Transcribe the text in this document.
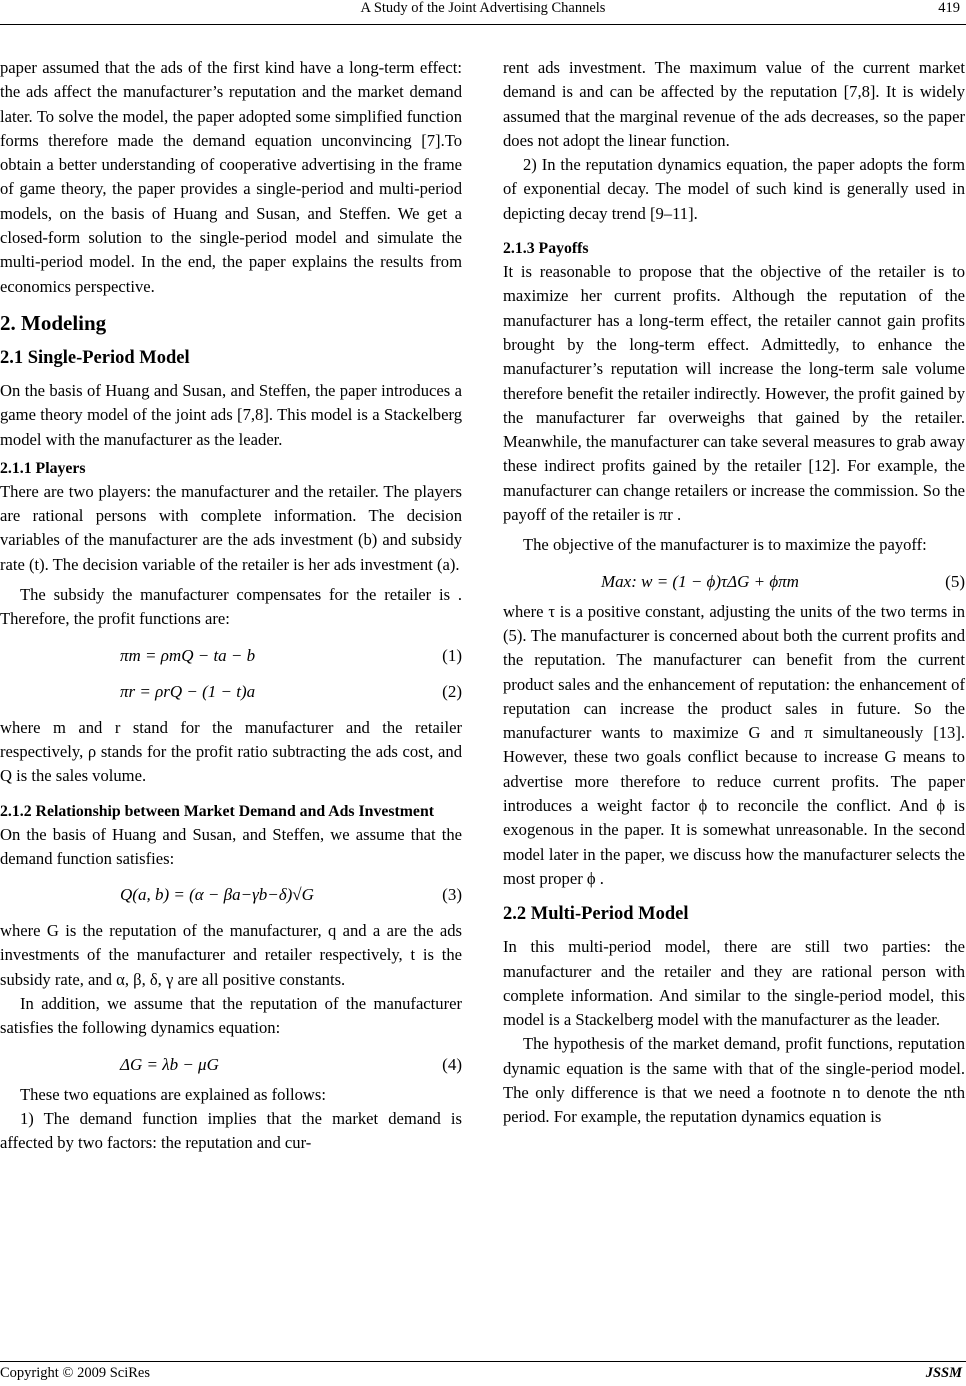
A Study of the Joint Advertising Channels	419

paper assumed that the ads of the first kind have a long-term effect: the ads affect the manufacturer’s reputation and the market demand later. To solve the model, the paper adopted some simplified function forms therefore made the demand equation unconvincing [7].To obtain a better understanding of cooperative advertising in the frame of game theory, the paper provides a single-period and multi-period models, on the basis of Huang and Susan, and Steffen. We get a closed-form solution to the single-period model and simulate the multi-period model. In the end, the paper explains the results from economics perspective.

2. Modeling
2.1 Single-Period Model

On the basis of Huang and Susan, and Steffen, the paper introduces a game theory model of the joint ads [7,8]. This model is a Stackelberg model with the manufacturer as the leader.

2.1.1 Players

There are two players: the manufacturer and the retailer. The players are rational persons with complete information. The decision variables of the manufacturer are the ads investment (b) and subsidy rate (t). The decision variable of the retailer is her ads investment (a).

The subsidy the manufacturer compensates for the retailer is . Therefore, the profit functions are:

πm = ρmQ − ta − b	(1)
πr = ρrQ − (1 − t)a	(2)

where m and r stand for the manufacturer and the retailer respectively, ρ stands for the profit ratio subtracting the ads cost, and Q is the sales volume.

2.1.2 Relationship between Market Demand and Ads Investment

On the basis of Huang and Susan, and Steffen, we assume that the demand function satisfies:

Q(a, b) = (α − βa−γb−δ)√G	(3)

where G is the reputation of the manufacturer, q and a are the ads investments of the manufacturer and retailer respectively, t is the subsidy rate, and α, β, δ, γ are all positive constants.

In addition, we assume that the reputation of the manufacturer satisfies the following dynamics equation:

ΔG = λb − μG	(4)

These two equations are explained as follows:

1) The demand function implies that the market demand is affected by two factors: the reputation and cur-

rent ads investment. The maximum value of the current market demand is and can be affected by the reputation [7,8]. It is widely assumed that the marginal revenue of the ads decreases, so the paper does not adopt the linear function.

2) In the reputation dynamics equation, the paper adopts the form of exponential decay. The model of such kind is generally used in depicting decay trend [9–11].

2.1.3 Payoffs

It is reasonable to propose that the objective of the retailer is to maximize her current profits. Although the reputation of the manufacturer has a long-term effect, the retailer cannot gain profits brought by the long-term effect. Admittedly, to enhance the manufacturer’s reputation will increase the long-term sale volume therefore benefit the retailer indirectly. However, the profit gained by the manufacturer far overweighs that gained by the retailer. Meanwhile, the manufacturer can take several measures to grab away these indirect profits gained by the retailer [12]. For example, the manufacturer can change retailers or increase the commission. So the payoff of the retailer is πr .

The objective of the manufacturer is to maximize the payoff:

Max: w = (1 − ϕ)τΔG + ϕπm	(5)

where τ is a positive constant, adjusting the units of the two terms in (5). The manufacturer is concerned about both the current profits and the reputation. The manufacturer can benefit from the current product sales and the enhancement of reputation: the enhancement of reputation can increase the product sales in future. So the manufacturer wants to maximize G and π simultaneously [13]. However, these two goals conflict because to increase G means to advertise more therefore to reduce current profits. The paper introduces a weight factor ϕ to reconcile the conflict. And ϕ is exogenous in the paper. It is somewhat unreasonable. In the second model later in the paper, we discuss how the manufacturer selects the most proper ϕ .

2.2 Multi-Period Model

In this multi-period model, there are still two parties: the manufacturer and the retailer and they are rational person with complete information. And similar to the single-period model, this model is a Stackelberg model with the manufacturer as the leader.

The hypothesis of the market demand, profit functions, reputation dynamic equation is the same with that of the single-period model. The only difference is that we need a footnote n to denote the nth period. For example, the reputation dynamics equation is

Copyright © 2009 SciRes	JSSM
